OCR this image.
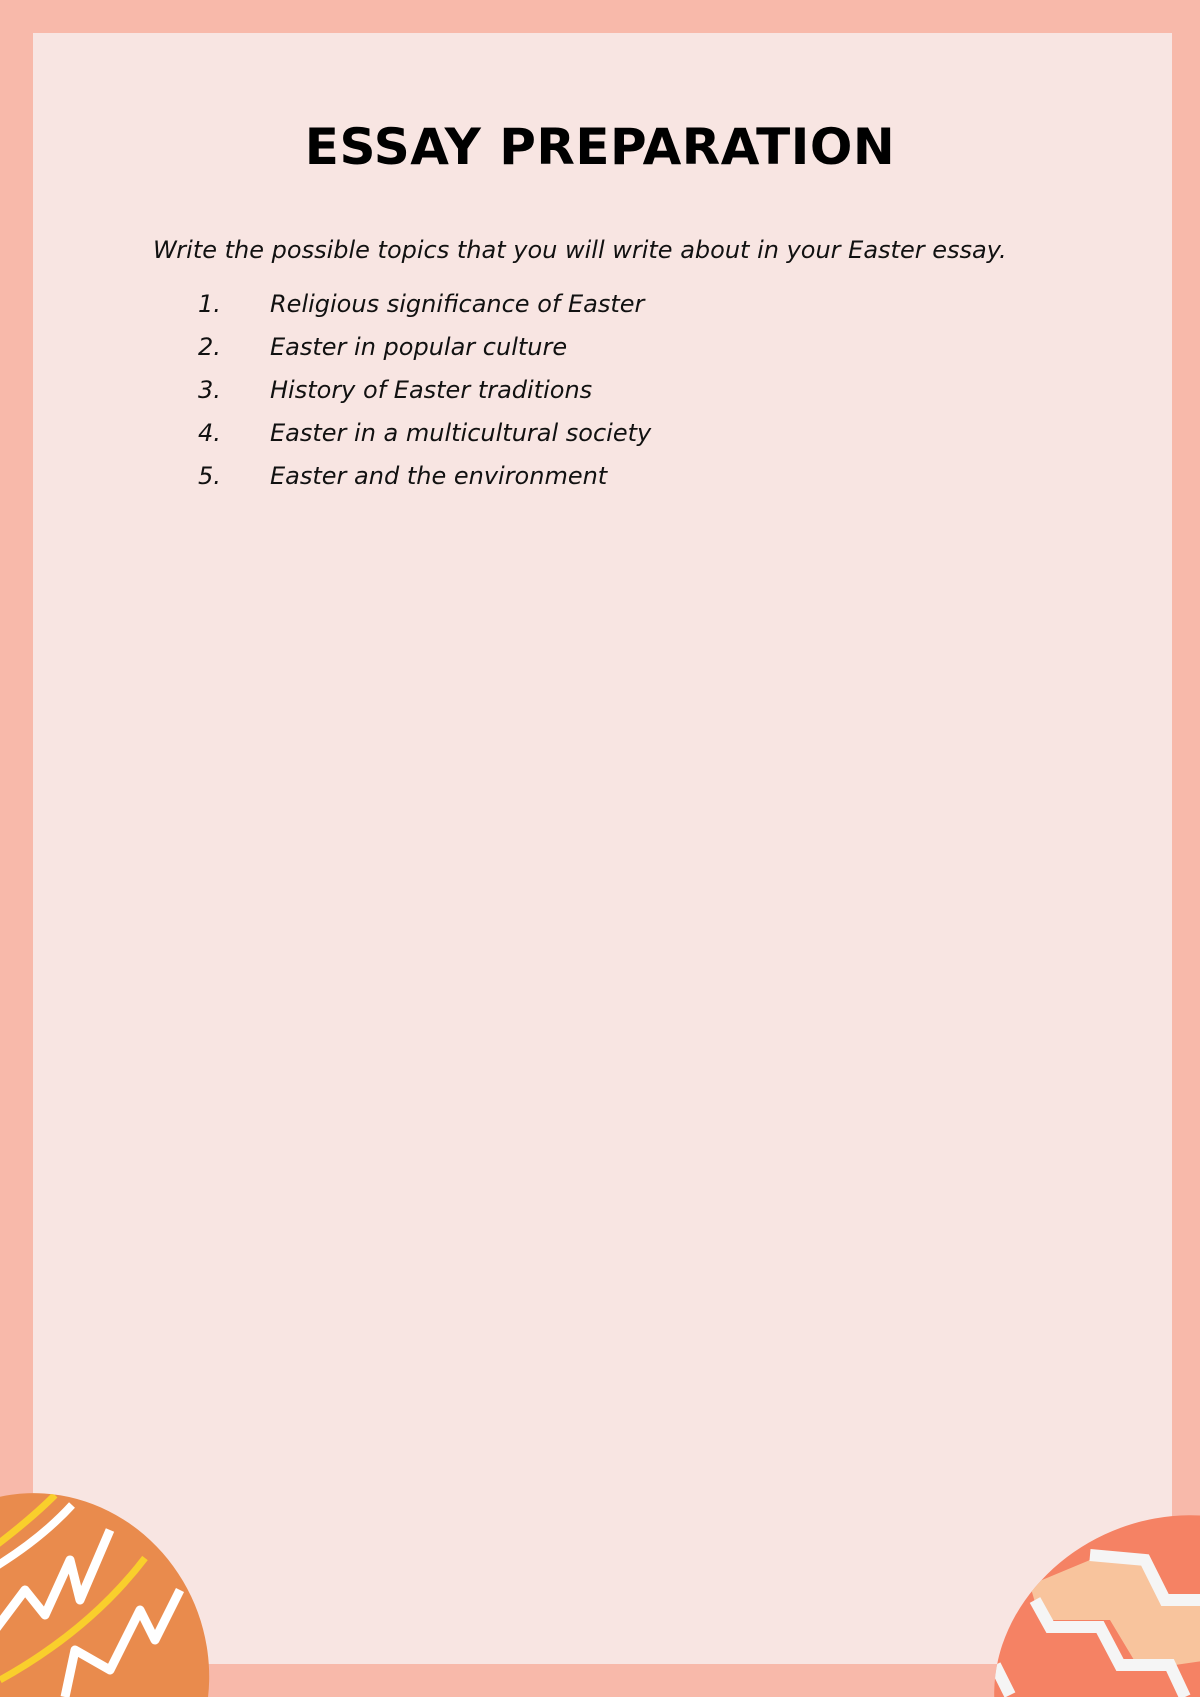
ESSAY PREPARATION
Write the possible topics that you will write about in your Easter essay.
1. Religious significance of Easter
2. Easter in popular culture
3. History of Easter traditions
4. Easter in a multicultural society
5. Easter and the environment
